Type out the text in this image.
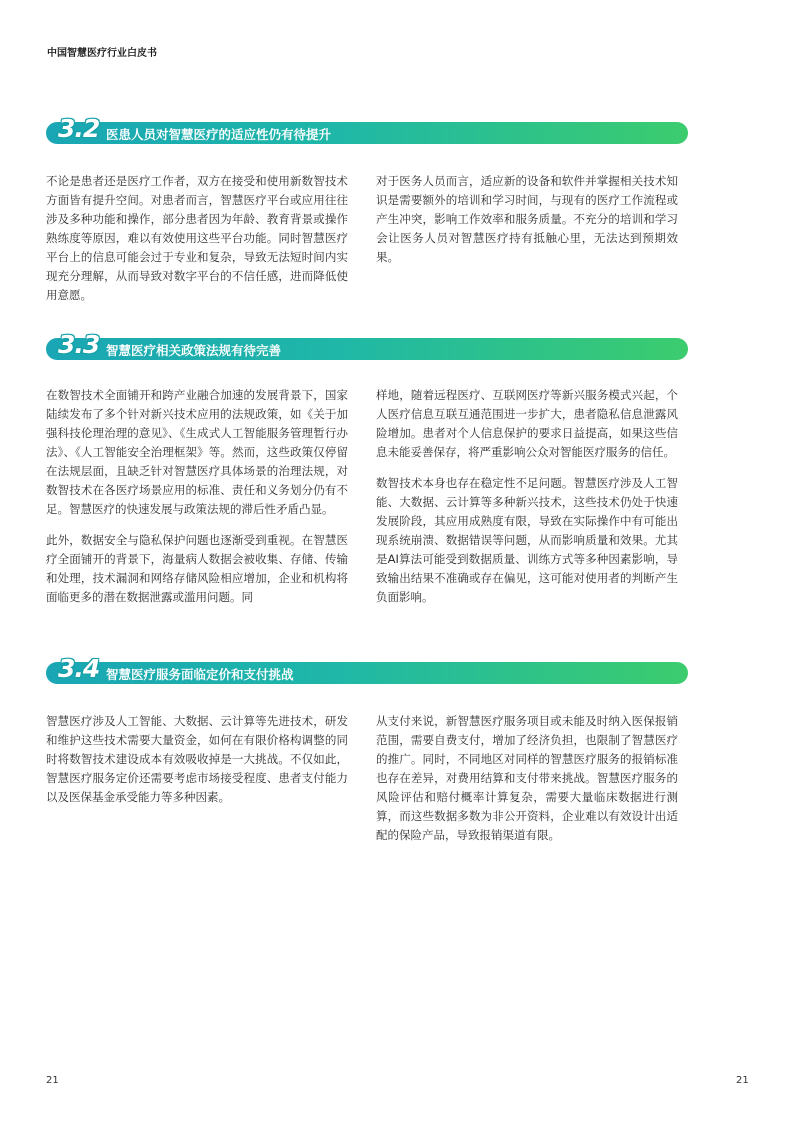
中国智慧医疗行业白皮书
3.2 医患人员对智慧医疗的适应性仍有待提升

不论是患者还是医疗工作者，双方在接受和使用新数智技术方面皆有提升空间。对患者而言，智慧医疗平台或应用往往涉及多种功能和操作，部分患者因为年龄、教育背景或操作熟练度等原因，难以有效使用这些平台功能。同时智慧医疗平台上的信息可能会过于专业和复杂，导致无法短时间内实现充分理解，从而导致对数字平台的不信任感，进而降低使用意愿。

对于医务人员而言，适应新的设备和软件并掌握相关技术知识是需要额外的培训和学习时间，与现有的医疗工作流程或产生冲突，影响工作效率和服务质量。不充分的培训和学习会让医务人员对智慧医疗持有抵触心里，无法达到预期效果。

3.3 智慧医疗相关政策法规有待完善

在数智技术全面铺开和跨产业融合加速的发展背景下，国家陆续发布了多个针对新兴技术应用的法规政策，如《关于加强科技伦理治理的意见》、《生成式人工智能服务管理暂行办法》、《人工智能安全治理框架》等。然而，这些政策仅停留在法规层面，且缺乏针对智慧医疗具体场景的治理法规，对数智技术在各医疗场景应用的标准、责任和义务划分仍有不足。智慧医疗的快速发展与政策法规的滞后性矛盾凸显。

此外，数据安全与隐私保护问题也逐渐受到重视。在智慧医疗全面铺开的背景下，海量病人数据会被收集、存储、传输和处理，技术漏洞和网络存储风险相应增加，企业和机构将面临更多的潜在数据泄露或滥用问题。同

样地，随着远程医疗、互联网医疗等新兴服务模式兴起，个人医疗信息互联互通范围进一步扩大，患者隐私信息泄露风险增加。患者对个人信息保护的要求日益提高，如果这些信息未能妥善保存，将严重影响公众对智能医疗服务的信任。

数智技术本身也存在稳定性不足问题。智慧医疗涉及人工智能、大数据、云计算等多种新兴技术，这些技术仍处于快速发展阶段，其应用成熟度有限，导致在实际操作中有可能出现系统崩溃、数据错误等问题，从而影响质量和效果。尤其是AI算法可能受到数据质量、训练方式等多种因素影响，导致输出结果不准确或存在偏见，这可能对使用者的判断产生负面影响。

3.4 智慧医疗服务面临定价和支付挑战

智慧医疗涉及人工智能、大数据、云计算等先进技术，研发和维护这些技术需要大量资金，如何在有限价格构调整的同时将数智技术建设成本有效吸收掉是一大挑战。不仅如此，智慧医疗服务定价还需要考虑市场接受程度、患者支付能力以及医保基金承受能力等多种因素。

从支付来说，新智慧医疗服务项目或未能及时纳入医保报销范围，需要自费支付，增加了经济负担，也限制了智慧医疗的推广。同时，不同地区对同样的智慧医疗服务的报销标准也存在差异，对费用结算和支付带来挑战。智慧医疗服务的风险评估和赔付概率计算复杂，需要大量临床数据进行测算，而这些数据多数为非公开资料，企业难以有效设计出适配的保险产品，导致报销渠道有限。

21	21
